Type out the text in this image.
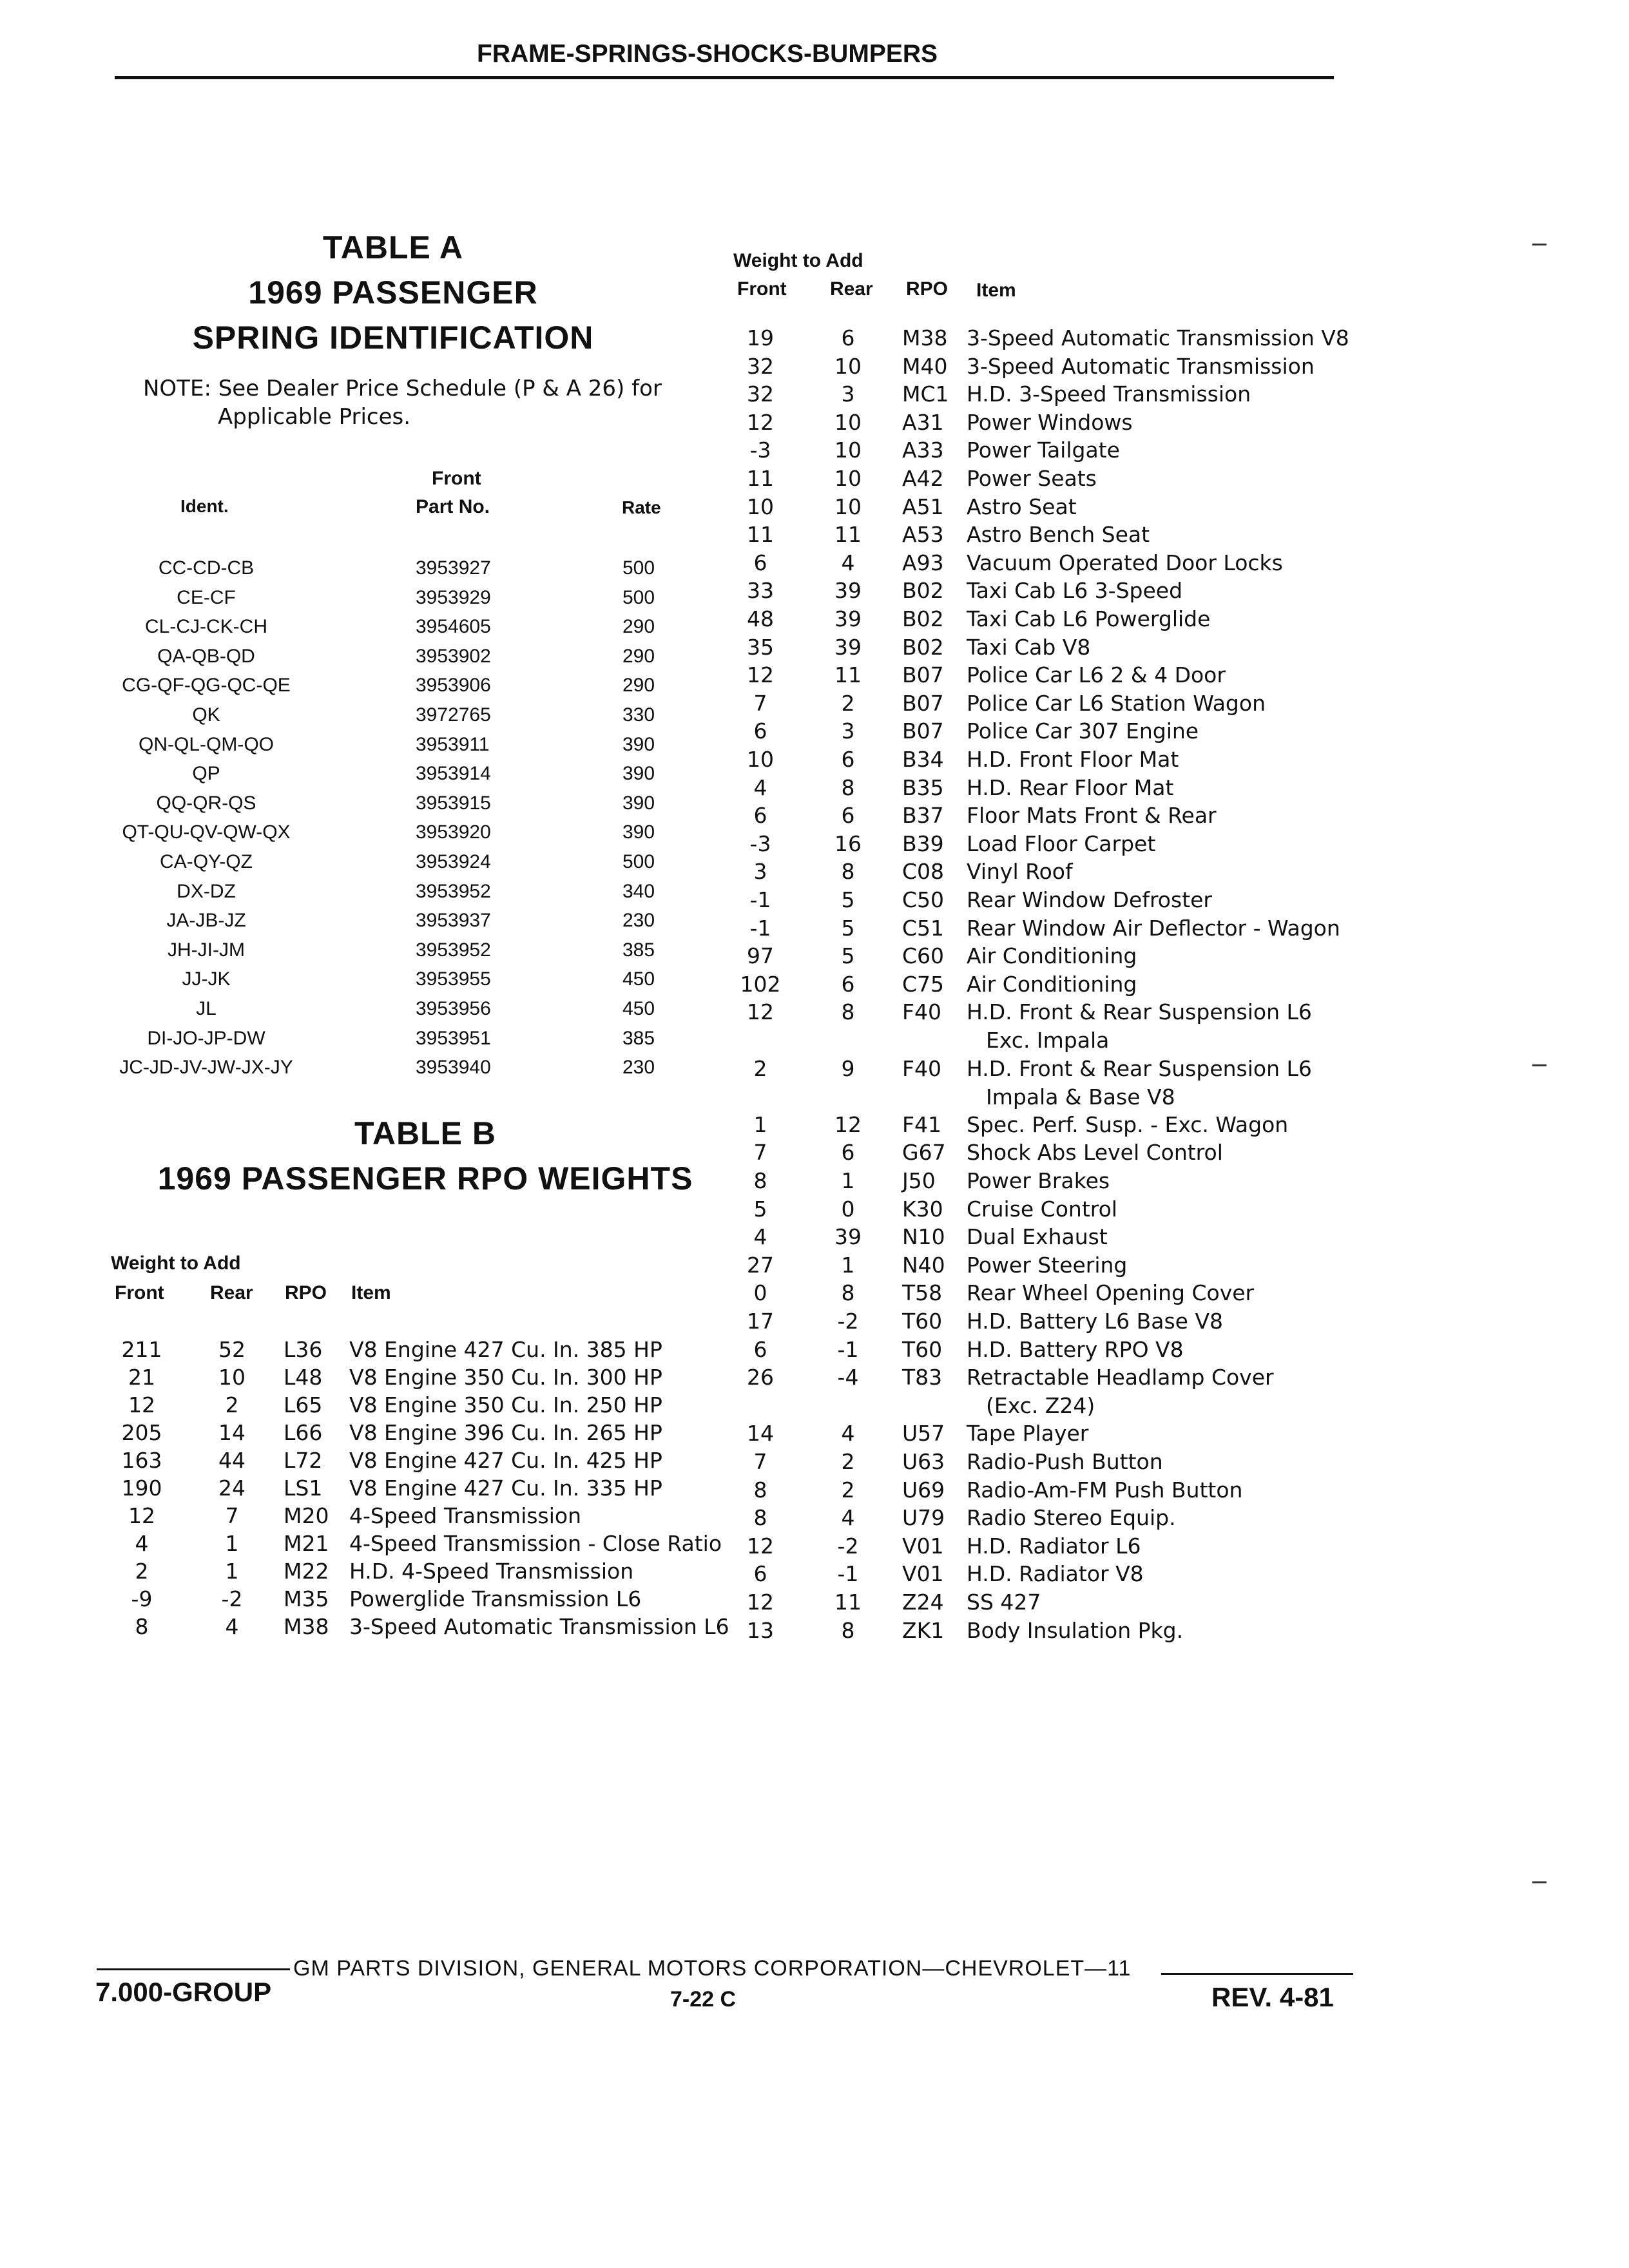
FRAME-SPRINGS-SHOCKS-BUMPERS
TABLE A
1969 PASSENGER
SPRING IDENTIFICATION
NOTE: See Dealer Price Schedule (P & A 26) for
Applicable Prices.
Front
Ident.	Part No.	Rate
CC-CD-CB	3953927	500
CE-CF	3953929	500
CL-CJ-CK-CH	3954605	290
QA-QB-QD	3953902	290
CG-QF-QG-QC-QE	3953906	290
QK	3972765	330
QN-QL-QM-QO	3953911	390
QP	3953914	390
QQ-QR-QS	3953915	390
QT-QU-QV-QW-QX	3953920	390
CA-QY-QZ	3953924	500
DX-DZ	3953952	340
JA-JB-JZ	3953937	230
JH-JI-JM	3953952	385
JJ-JK	3953955	450
JL	3953956	450
DI-JO-JP-DW	3953951	385
JC-JD-JV-JW-JX-JY	3953940	230
TABLE B
1969 PASSENGER RPO WEIGHTS
Weight to Add
Front Rear RPO Item
211	52	L36 V8 Engine 427 Cu. In. 385 HP
21	10	L48 V8 Engine 350 Cu. In. 300 HP
12	2	L65 V8 Engine 350 Cu. In. 250 HP
205	14	L66 V8 Engine 396 Cu. In. 265 HP
163	44	L72 V8 Engine 427 Cu. In. 425 HP
190	24	LS1 V8 Engine 427 Cu. In. 335 HP
12	7	M20 4-Speed Transmission
4	1	M21 4-Speed Transmission - Close Ratio
2	1	M22 H.D. 4-Speed Transmission
-9	-2	M35 Powerglide Transmission L6
8	4	M38 3-Speed Automatic Transmission L6
Weight to Add
Front Rear RPO Item
19	6	M38 3-Speed Automatic Transmission V8
32	10	M40 3-Speed Automatic Transmission
32	3	MC1 H.D. 3-Speed Transmission
12	10	A31 Power Windows
-3	10	A33 Power Tailgate
11	10	A42 Power Seats
10	10	A51 Astro Seat
11	11	A53 Astro Bench Seat
6	4	A93 Vacuum Operated Door Locks
33	39	B02 Taxi Cab L6 3-Speed
48	39	B02 Taxi Cab L6 Powerglide
35	39	B02 Taxi Cab V8
12	11	B07 Police Car L6 2 & 4 Door
7	2	B07 Police Car L6 Station Wagon
6	3	B07 Police Car 307 Engine
10	6	B34 H.D. Front Floor Mat
4	8	B35 H.D. Rear Floor Mat
6	6	B37 Floor Mats Front & Rear
-3	16	B39 Load Floor Carpet
3	8	C08 Vinyl Roof
-1	5	C50 Rear Window Defroster
-1	5	C51 Rear Window Air Deflector - Wagon
97	5	C60 Air Conditioning
102	6	C75 Air Conditioning
12	8	F40 H.D. Front & Rear Suspension L6
Exc. Impala
2	9	F40 H.D. Front & Rear Suspension L6
Impala & Base V8
1	12	F41 Spec. Perf. Susp. - Exc. Wagon
7	6	G67 Shock Abs Level Control
8	1	J50 Power Brakes
5	0	K30 Cruise Control
4	39	N10 Dual Exhaust
27	1	N40 Power Steering
0	8	T58 Rear Wheel Opening Cover
17	-2	T60 H.D. Battery L6 Base V8
6	-1	T60 H.D. Battery RPO V8
26	-4	T83 Retractable Headlamp Cover
(Exc. Z24)
14	4	U57 Tape Player
7	2	U63 Radio-Push Button
8	2	U69 Radio-Am-FM Push Button
8	4	U79 Radio Stereo Equip.
12	-2	V01 H.D. Radiator L6
6	-1	V01 H.D. Radiator V8
12	11	Z24 SS 427
13	8	ZK1 Body Insulation Pkg.
GM PARTS DIVISION, GENERAL MOTORS CORPORATION—CHEVROLET—11
7.000-GROUP	7-22 C	REV. 4-81
